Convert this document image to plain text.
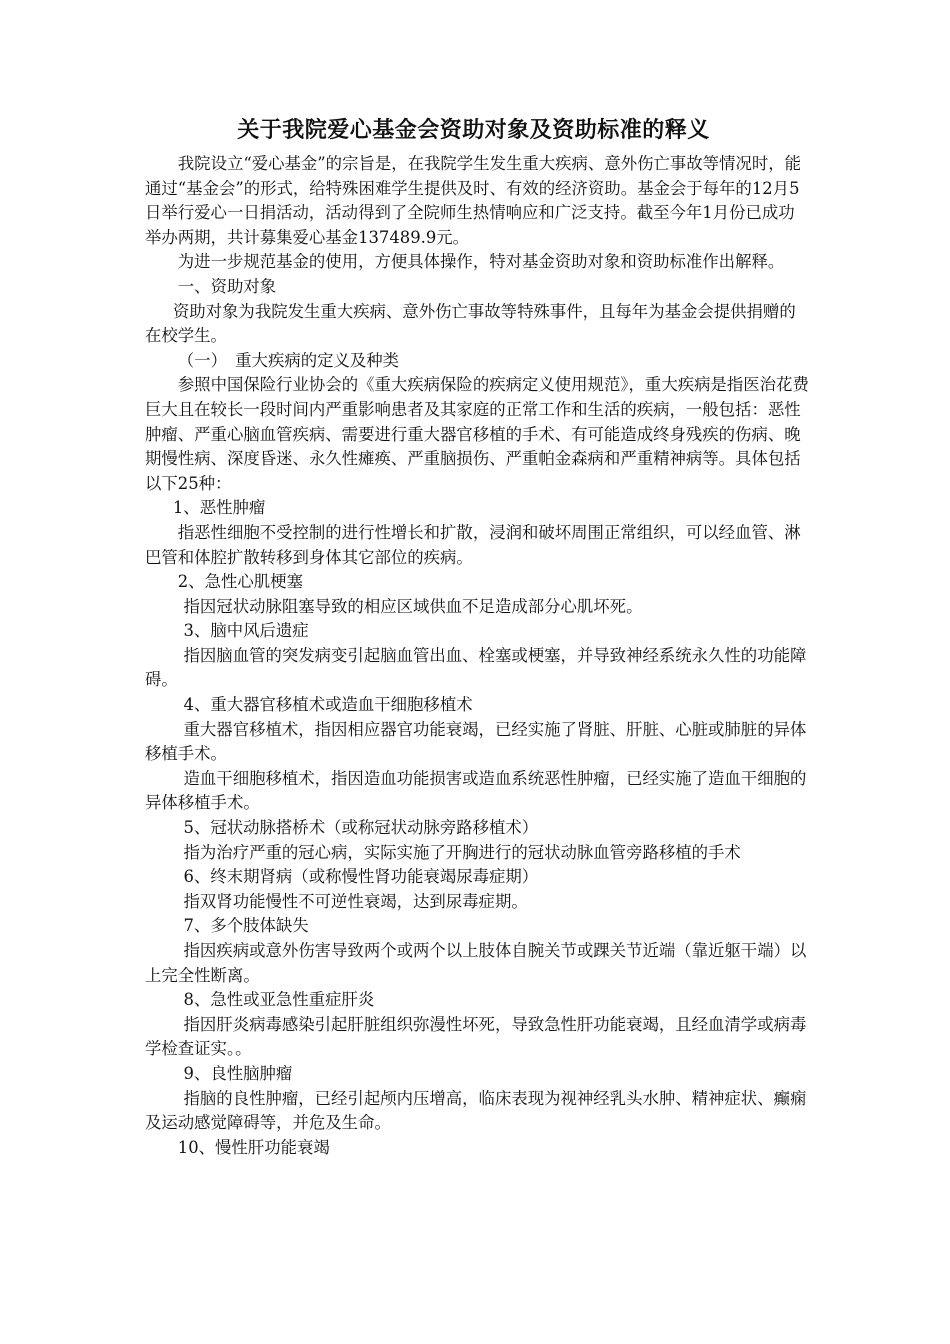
关于我院爱心基金会资助对象及资助标准的释义

我院设立“爱心基金”的宗旨是，在我院学生发生重大疾病、意外伤亡事故等情况时，能通过“基金会”的形式，给特殊困难学生提供及时、有效的经济资助。基金会于每年的12月5日举行爱心一日捐活动，活动得到了全院师生热情响应和广泛支持。截至今年1月份已成功举办两期，共计募集爱心基金137489.9元。

为进一步规范基金的使用，方便具体操作，特对基金资助对象和资助标准作出解释。

一、资助对象

资助对象为我院发生重大疾病、意外伤亡事故等特殊事件，且每年为基金会提供捐赠的在校学生。

（一）　重大疾病的定义及种类

参照中国保险行业协会的《重大疾病保险的疾病定义使用规范》，重大疾病是指医治花费巨大且在较长一段时间内严重影响患者及其家庭的正常工作和生活的疾病，一般包括：恶性肿瘤、严重心脑血管疾病、需要进行重大器官移植的手术、有可能造成终身残疾的伤病、晚期慢性病、深度昏迷、永久性瘫痪、严重脑损伤、严重帕金森病和严重精神病等。具体包括以下25种：

1、恶性肿瘤

指恶性细胞不受控制的进行性增长和扩散，浸润和破坏周围正常组织，可以经血管、淋巴管和体腔扩散转移到身体其它部位的疾病。

2、急性心肌梗塞

指因冠状动脉阻塞导致的相应区域供血不足造成部分心肌坏死。

3、脑中风后遗症

指因脑血管的突发病变引起脑血管出血、栓塞或梗塞，并导致神经系统永久性的功能障碍。

4、重大器官移植术或造血干细胞移植术

重大器官移植术，指因相应器官功能衰竭，已经实施了肾脏、肝脏、心脏或肺脏的异体移植手术。

造血干细胞移植术，指因造血功能损害或造血系统恶性肿瘤，已经实施了造血干细胞的异体移植手术。

5、冠状动脉搭桥术（或称冠状动脉旁路移植术）

指为治疗严重的冠心病，实际实施了开胸进行的冠状动脉血管旁路移植的手术

6、终末期肾病（或称慢性肾功能衰竭尿毒症期）

指双肾功能慢性不可逆性衰竭，达到尿毒症期。

7、多个肢体缺失

指因疾病或意外伤害导致两个或两个以上肢体自腕关节或踝关节近端（靠近躯干端）以上完全性断离。

8、急性或亚急性重症肝炎

指因肝炎病毒感染引起肝脏组织弥漫性坏死，导致急性肝功能衰竭，且经血清学或病毒学检查证实。。

9、良性脑肿瘤

指脑的良性肿瘤，已经引起颅内压增高，临床表现为视神经乳头水肿、精神症状、癫痫及运动感觉障碍等，并危及生命。

10、慢性肝功能衰竭
